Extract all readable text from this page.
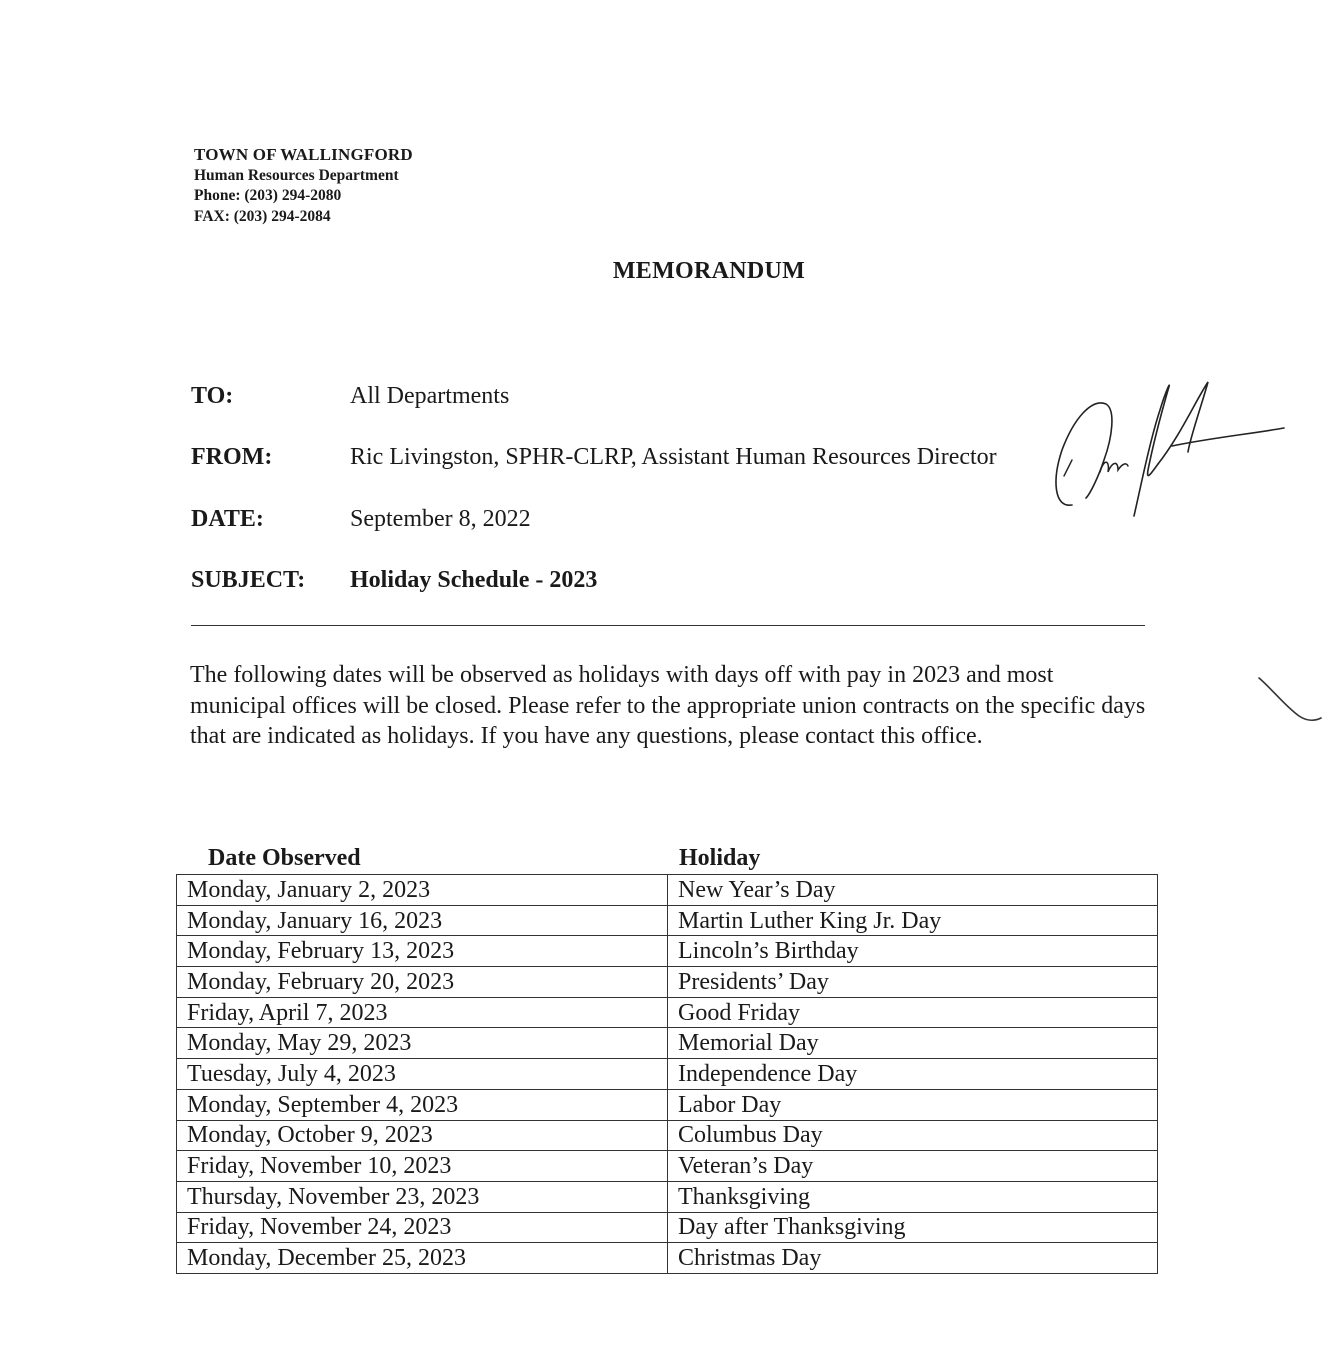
TOWN OF WALLINGFORD
Human Resources Department
Phone: (203) 294-2080
FAX: (203) 294-2084
MEMORANDUM
TO:	All Departments
FROM:	Ric Livingston, SPHR-CLRP, Assistant Human Resources Director
DATE:	September 8, 2022
SUBJECT: Holiday Schedule - 2023
The following dates will be observed as holidays with days off with pay in 2023 and most municipal offices will be closed. Please refer to the appropriate union contracts on the specific days that are indicated as holidays. If you have any questions, please contact this office.
Date Observed	Holiday
Monday, January 2, 2023	New Year’s Day
Monday, January 16, 2023	Martin Luther King Jr. Day
Monday, February 13, 2023	Lincoln’s Birthday
Monday, February 20, 2023	Presidents’ Day
Friday, April 7, 2023	Good Friday
Monday, May 29, 2023	Memorial Day
Tuesday, July 4, 2023	Independence Day
Monday, September 4, 2023	Labor Day
Monday, October 9, 2023	Columbus Day
Friday, November 10, 2023	Veteran’s Day
Thursday, November 23, 2023	Thanksgiving
Friday, November 24, 2023	Day after Thanksgiving
Monday, December 25, 2023	Christmas Day
